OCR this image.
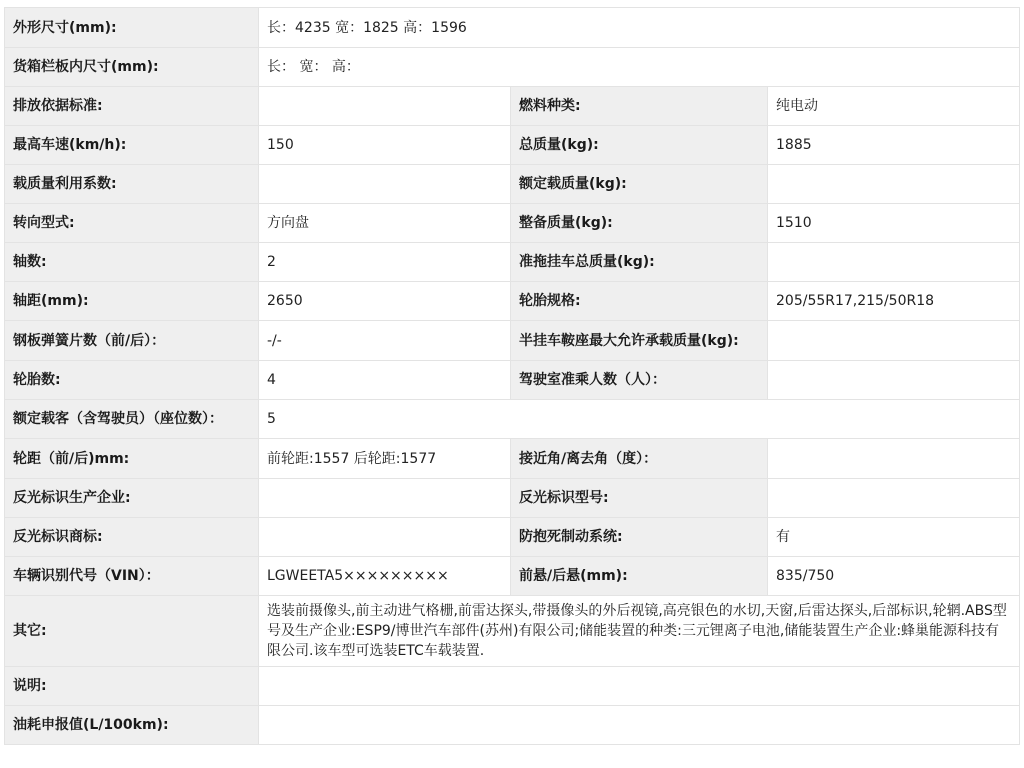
外形尺寸(mm):	长：4235 宽：1825 高：1596		
货箱栏板内尺寸(mm):	长： 宽： 高：		
排放依据标准:		燃料种类:	纯电动
最高车速(km/h):	150	总质量(kg):	1885
载质量利用系数:		额定载质量(kg):	
转向型式:	方向盘	整备质量(kg):	1510
轴数:	2	准拖挂车总质量(kg):	
轴距(mm):	2650	轮胎规格:	205/55R17,215/50R18
钢板弹簧片数（前/后）：	-/-	半挂车鞍座最大允许承载质量(kg):	
轮胎数:	4	驾驶室准乘人数（人）：	
额定载客（含驾驶员）（座位数）：	5		
轮距（前/后)mm:	前轮距:1557 后轮距:1577	接近角/离去角（度）：	
反光标识生产企业:		反光标识型号:	
反光标识商标:		防抱死制动系统:	有
车辆识别代号（VIN）：	LGWEETA5×××××××××	前悬/后悬(mm):	835/750
其它:	选装前摄像头,前主动进气格栅,前雷达探头,带摄像头的外后视镜,高亮银色的水切,天窗,后雷达探头,后部标识,轮辋.ABS型号及生产企业:ESP9/博世汽车部件(苏州)有限公司;储能装置的种类:三元锂离子电池,储能装置生产企业:蜂巢能源科技有限公司.该车型可选装ETC车载装置.		
说明:			
油耗申报值(L/100km):			
